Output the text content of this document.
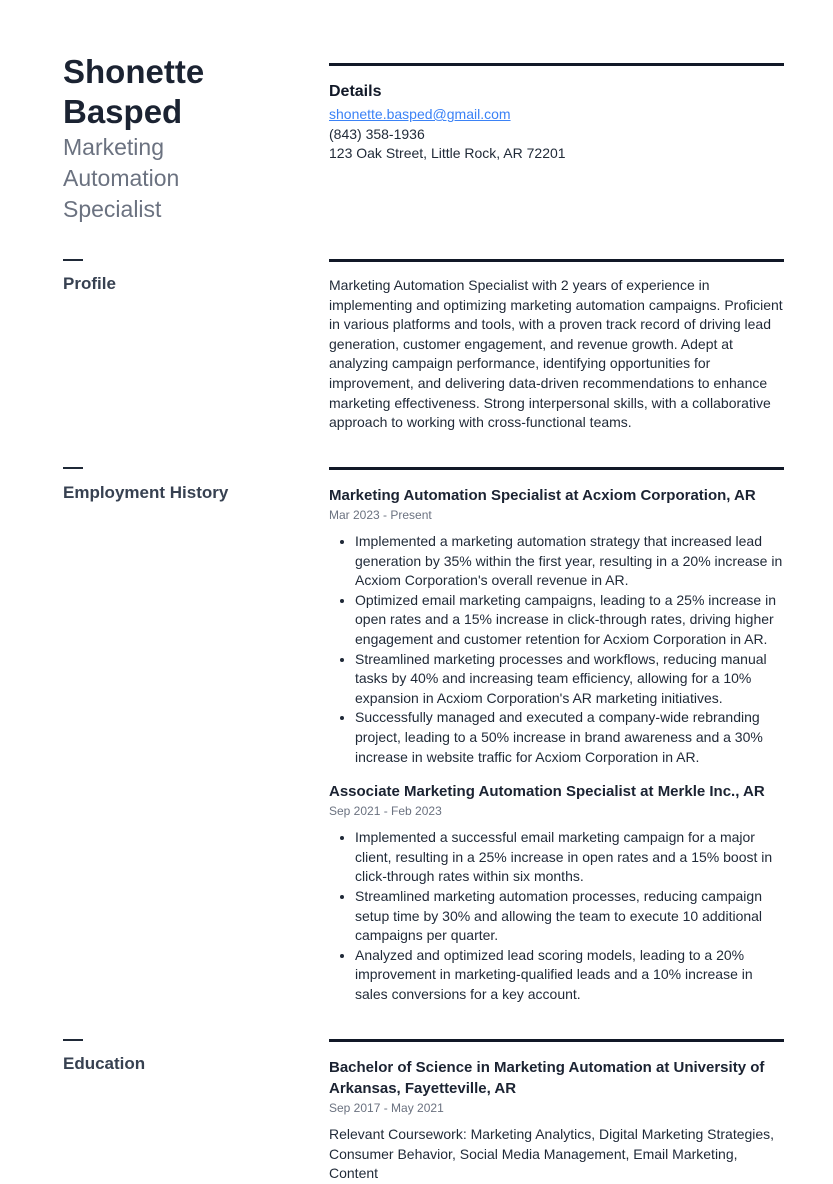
Shonette
Basped

Marketing Automation Specialist

Details

shonette.basped@gmail.com
(843) 358-1936
123 Oak Street, Little Rock, AR 72201

Profile	Marketing Automation Specialist with 2 years of experience in implementing and optimizing marketing automation campaigns. Proficient in various platforms and tools, with a proven track record of driving lead generation, customer engagement, and revenue growth. Adept at analyzing campaign performance, identifying opportunities for improvement, and delivering data-driven recommendations to enhance marketing effectiveness. Strong interpersonal skills, with a collaborative approach to working with cross-functional teams.

Employment History	Marketing Automation Specialist at Acxiom Corporation, AR

Mar 2023 - Present

• Implemented a marketing automation strategy that increased lead generation by 35% within the first year, resulting in a 20% increase in Acxiom Corporation's overall revenue in AR.
• Optimized email marketing campaigns, leading to a 25% increase in open rates and a 15% increase in click-through rates, driving higher engagement and customer retention for Acxiom Corporation in AR.
• Streamlined marketing processes and workflows, reducing manual tasks by 40% and increasing team efficiency, allowing for a 10% expansion in Acxiom Corporation's AR marketing initiatives.
• Successfully managed and executed a company-wide rebranding project, leading to a 50% increase in brand awareness and a 30% increase in website traffic for Acxiom Corporation in AR.

Associate Marketing Automation Specialist at Merkle Inc., AR

Sep 2021 - Feb 2023

• Implemented a successful email marketing campaign for a major client, resulting in a 25% increase in open rates and a 15% boost in click-through rates within six months.
• Streamlined marketing automation processes, reducing campaign setup time by 30% and allowing the team to execute 10 additional campaigns per quarter.
• Analyzed and optimized lead scoring models, leading to a 20% improvement in marketing-qualified leads and a 10% increase in sales conversions for a key account.

Education	Bachelor of Science in Marketing Automation at University of Arkansas, Fayetteville, AR

Sep 2017 - May 2021

Relevant Coursework: Marketing Analytics, Digital Marketing Strategies, Consumer Behavior, Social Media Management, Email Marketing, Content
